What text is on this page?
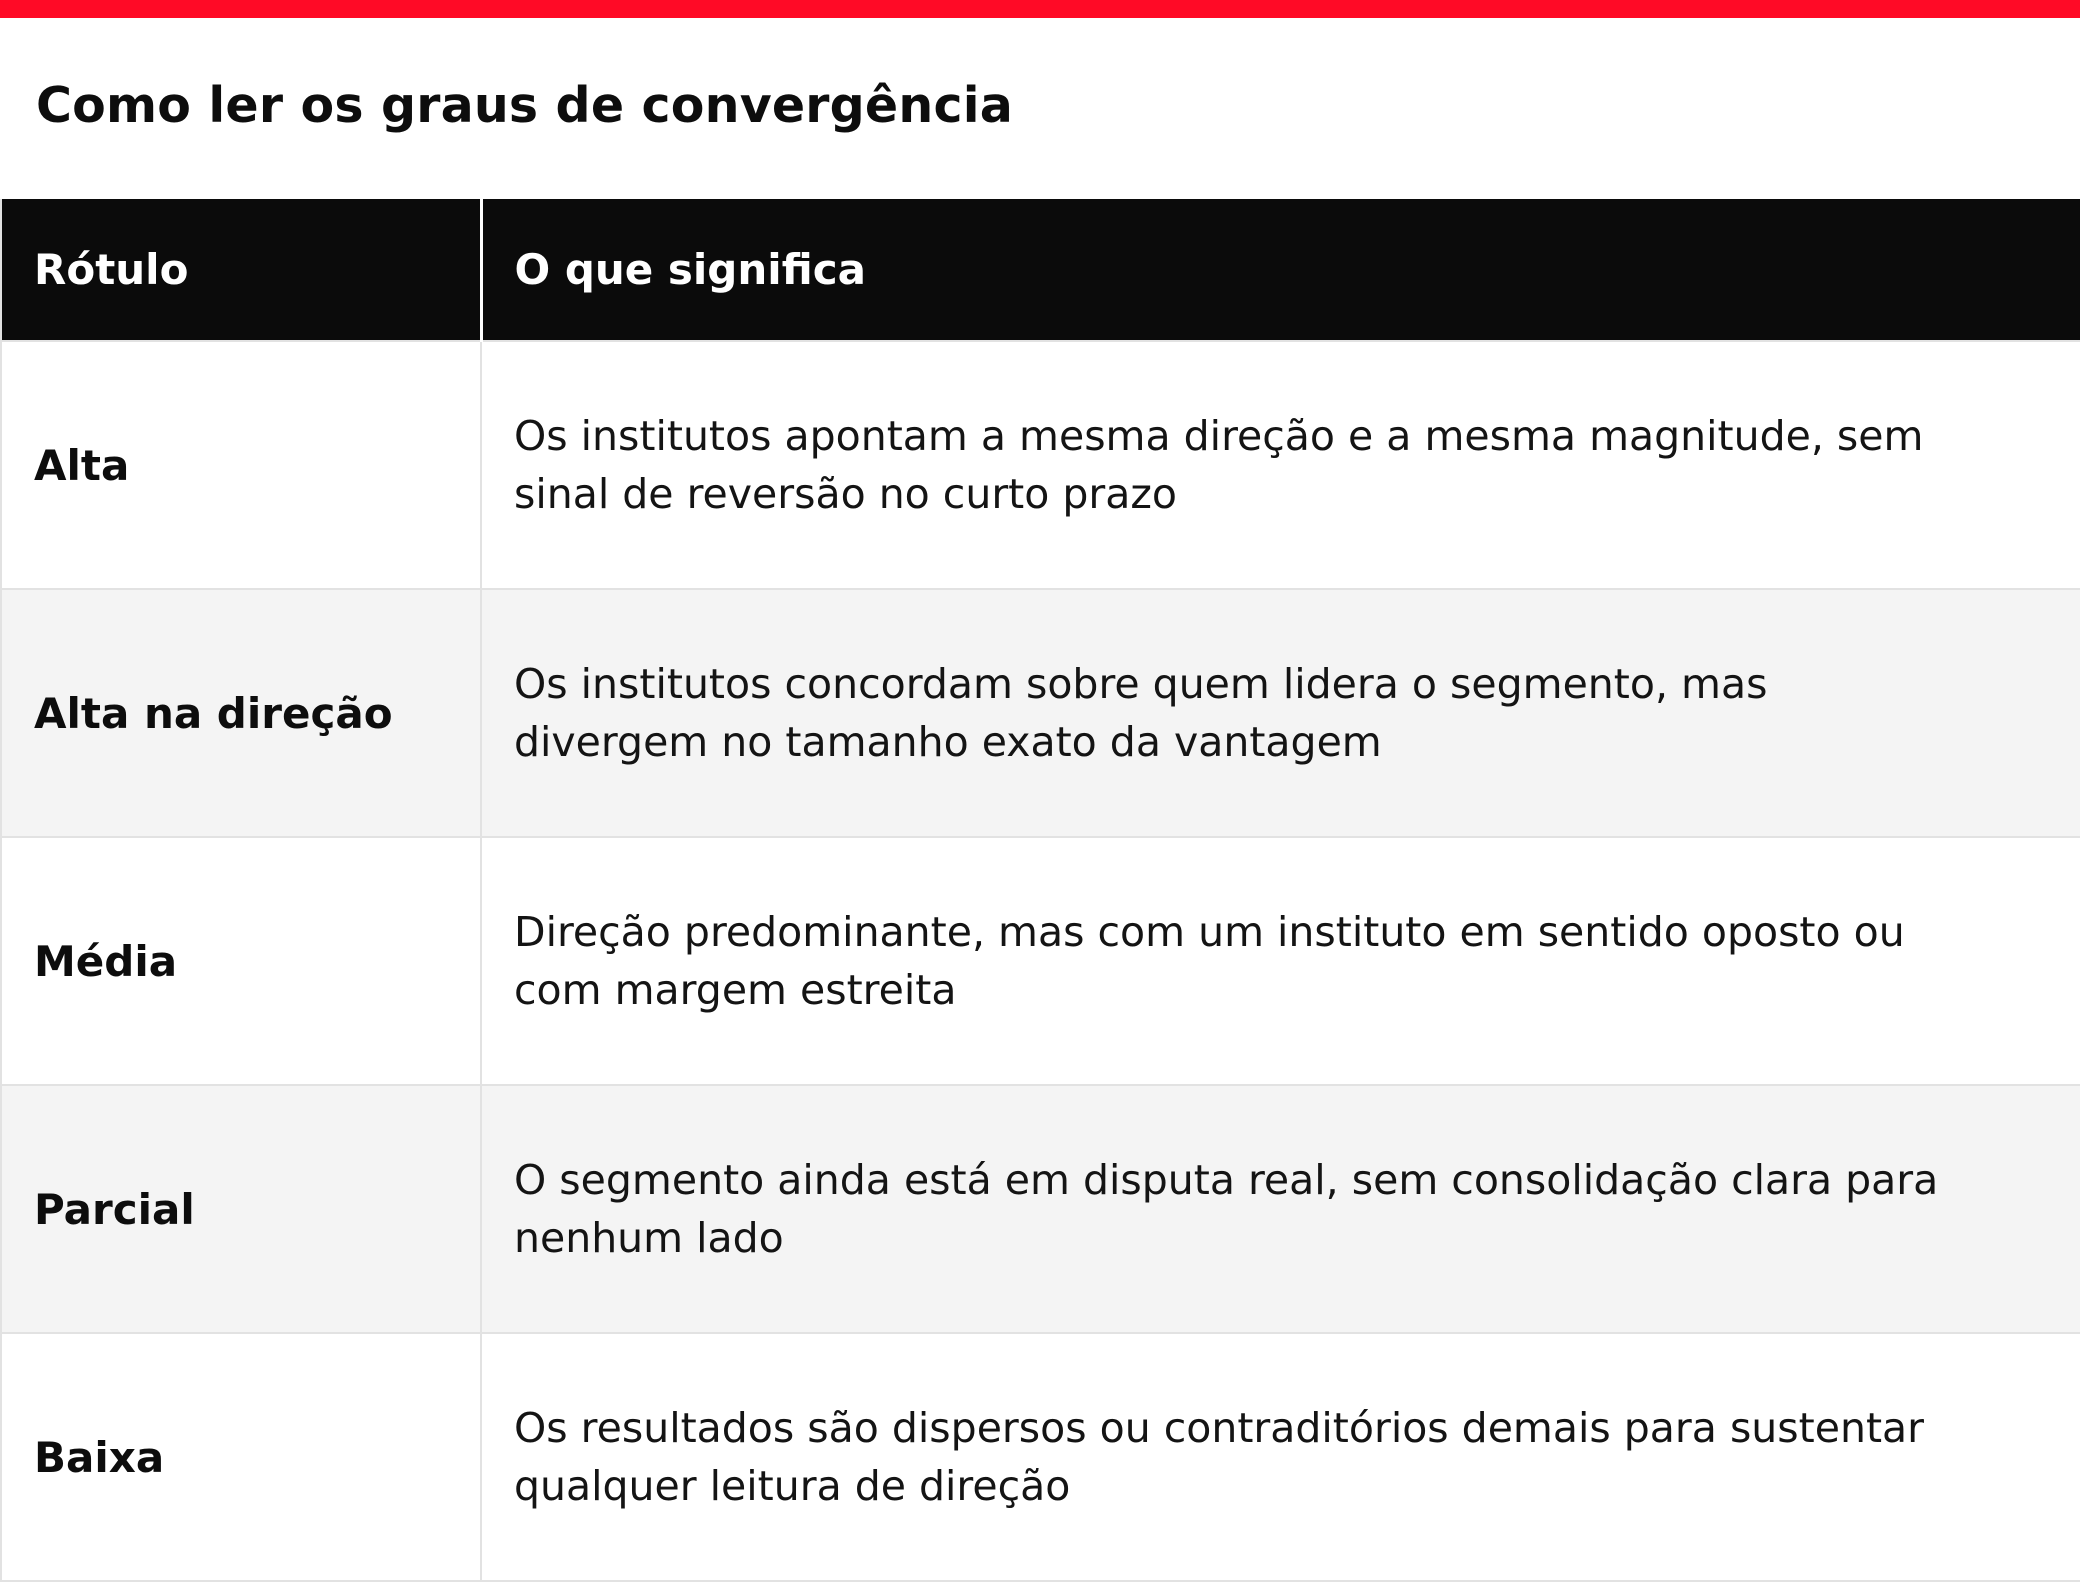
Como ler os graus de convergência
Rótulo	O que significa
Alta	Os institutos apontam a mesma direção e a mesma magnitude, sem sinal de reversão no curto prazo
Alta na direção	Os institutos concordam sobre quem lidera o segmento, mas divergem no tamanho exato da vantagem
Média	Direção predominante, mas com um instituto em sentido oposto ou com margem estreita
Parcial	O segmento ainda está em disputa real, sem consolidação clara para nenhum lado
Baixa	Os resultados são dispersos ou contraditórios demais para sustentar qualquer leitura de direção
